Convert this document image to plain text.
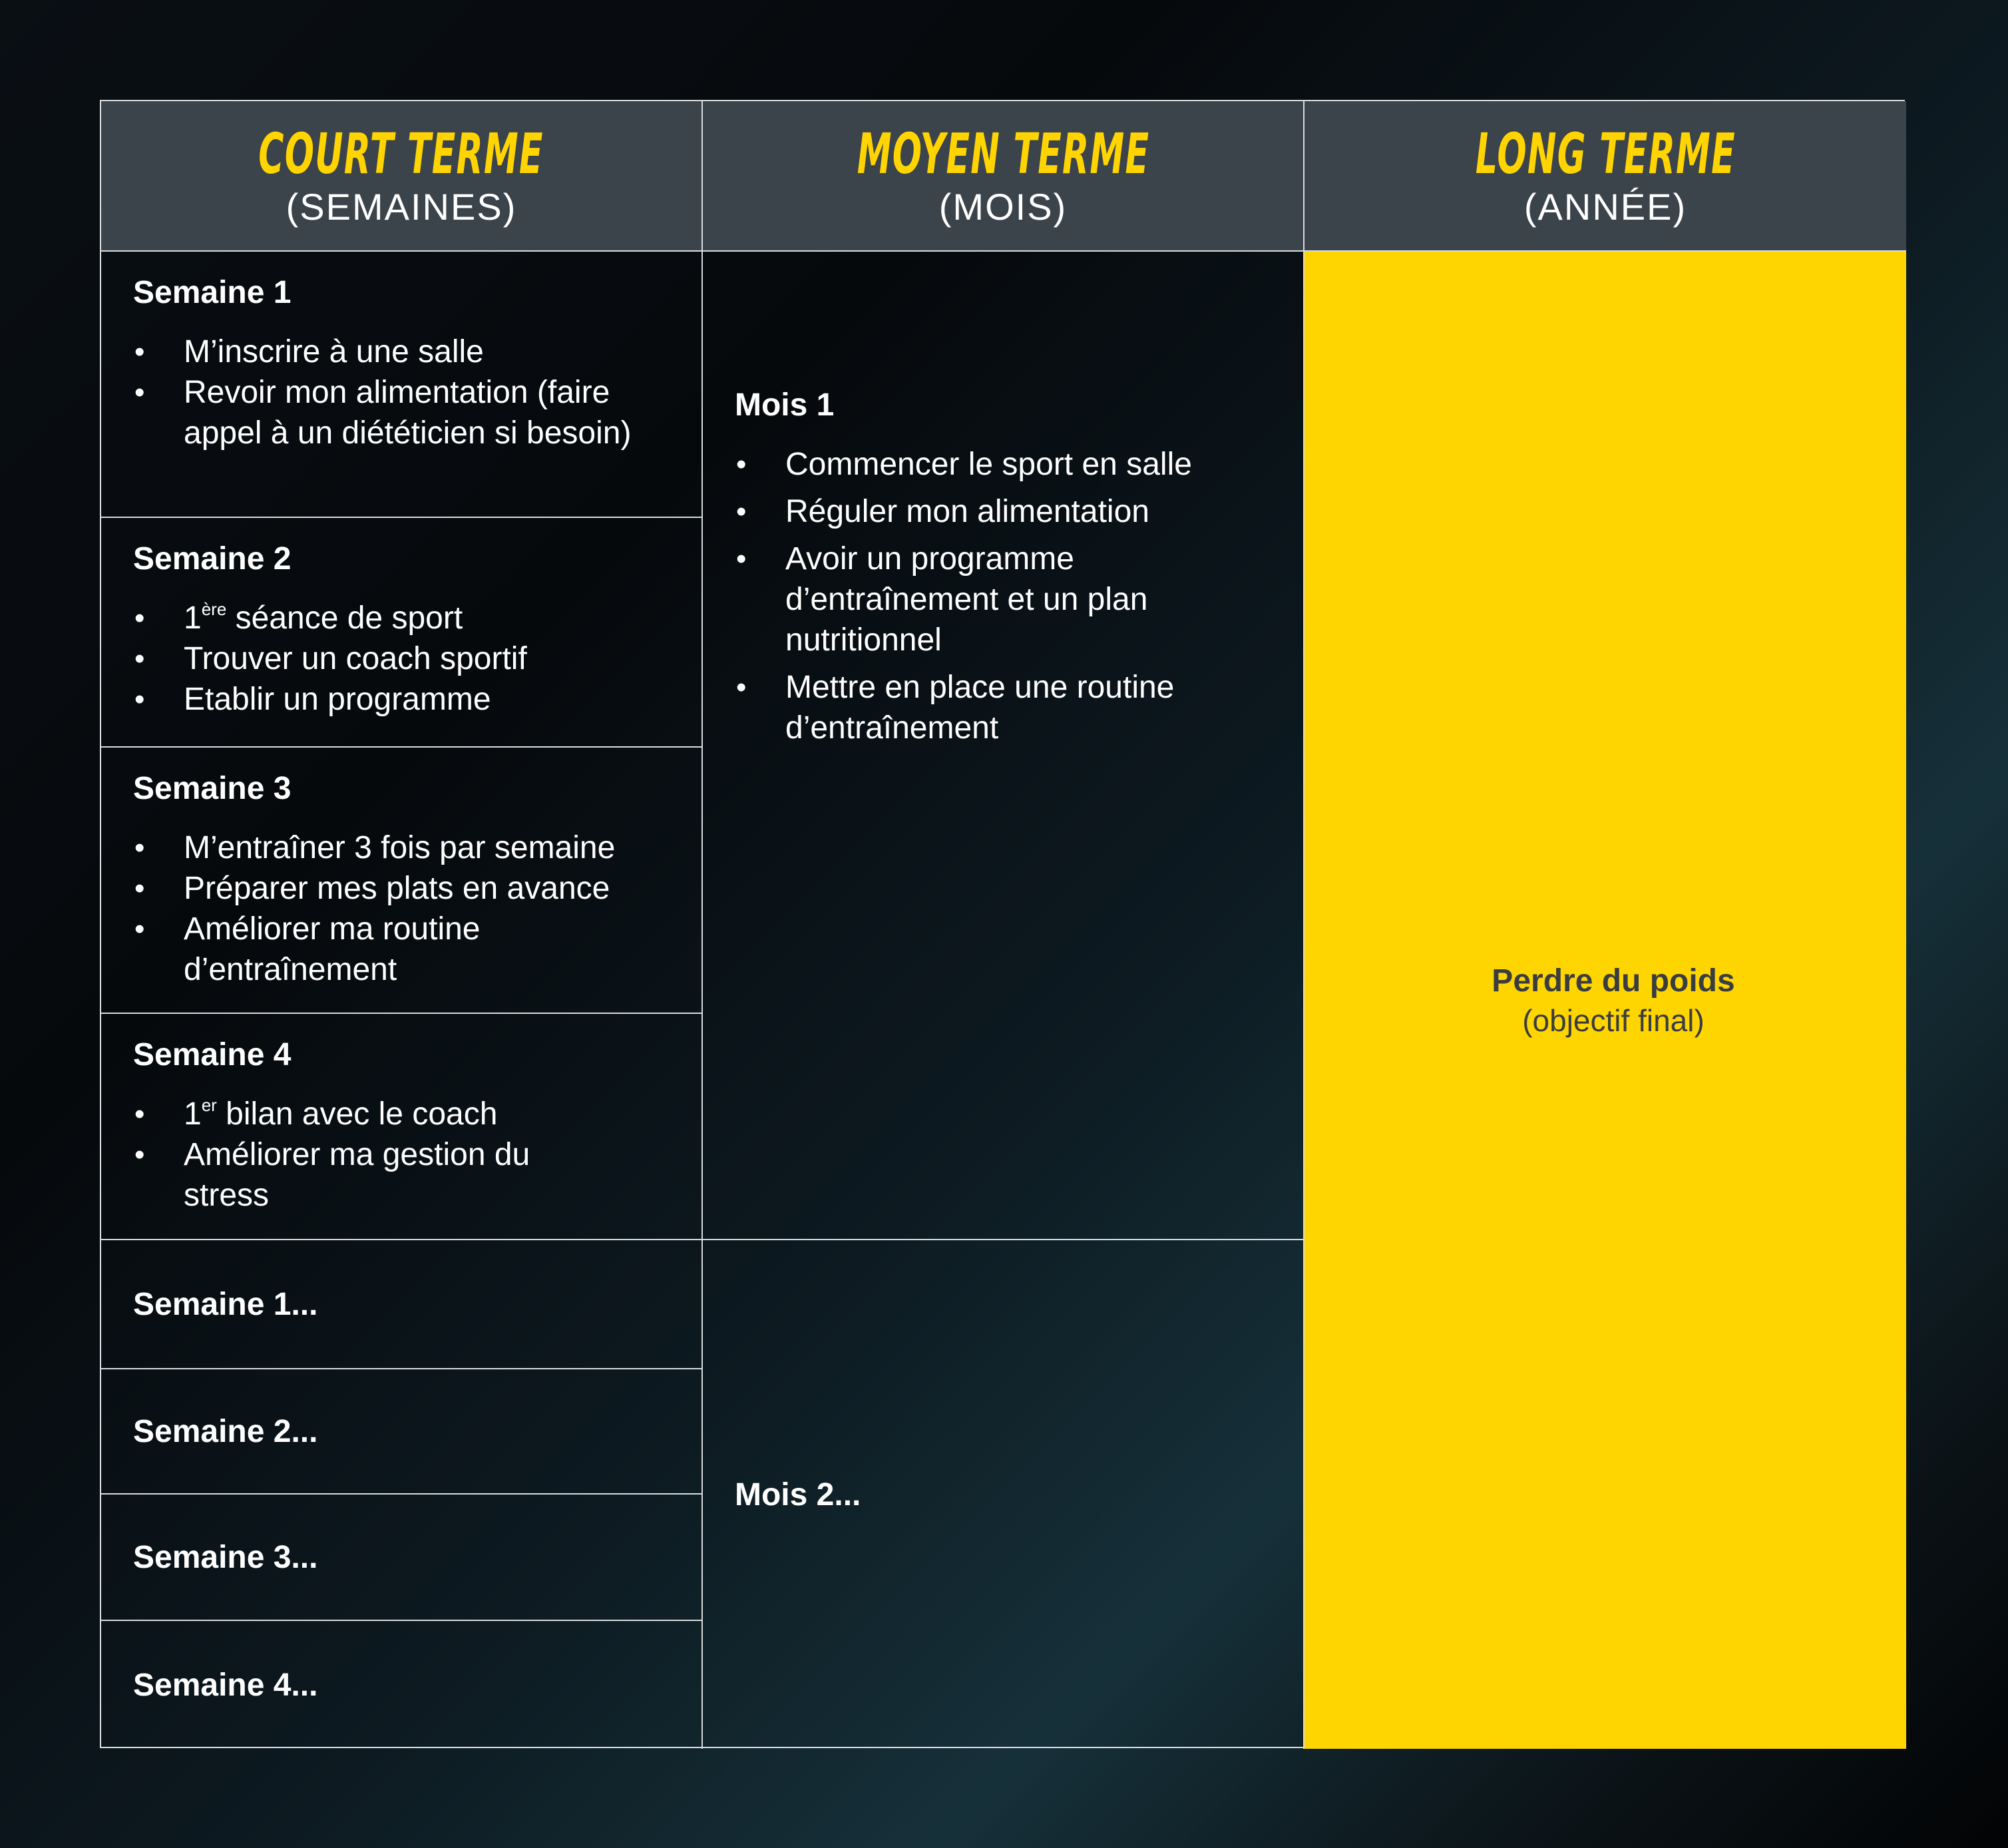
COURT TERME
(SEMAINES)
MOYEN TERME
(MOIS)
LONG TERME
(ANNÉE)
Semaine 1
• M’inscrire à une salle
• Revoir mon alimentation (faire appel à un diététicien si besoin)
Semaine 2
• 1ère séance de sport
• Trouver un coach sportif
• Etablir un programme
Semaine 3
• M’entraîner 3 fois par semaine
• Préparer mes plats en avance
• Améliorer ma routine d’entraînement
Semaine 4
• 1er bilan avec le coach
• Améliorer ma gestion du stress
Semaine 1...
Semaine 2...
Semaine 3...
Semaine 4...
Mois 1
• Commencer le sport en salle
• Réguler mon alimentation
• Avoir un programme d’entraînement et un plan nutritionnel
• Mettre en place une routine d’entraînement
Mois 2...
Perdre du poids
(objectif final)
